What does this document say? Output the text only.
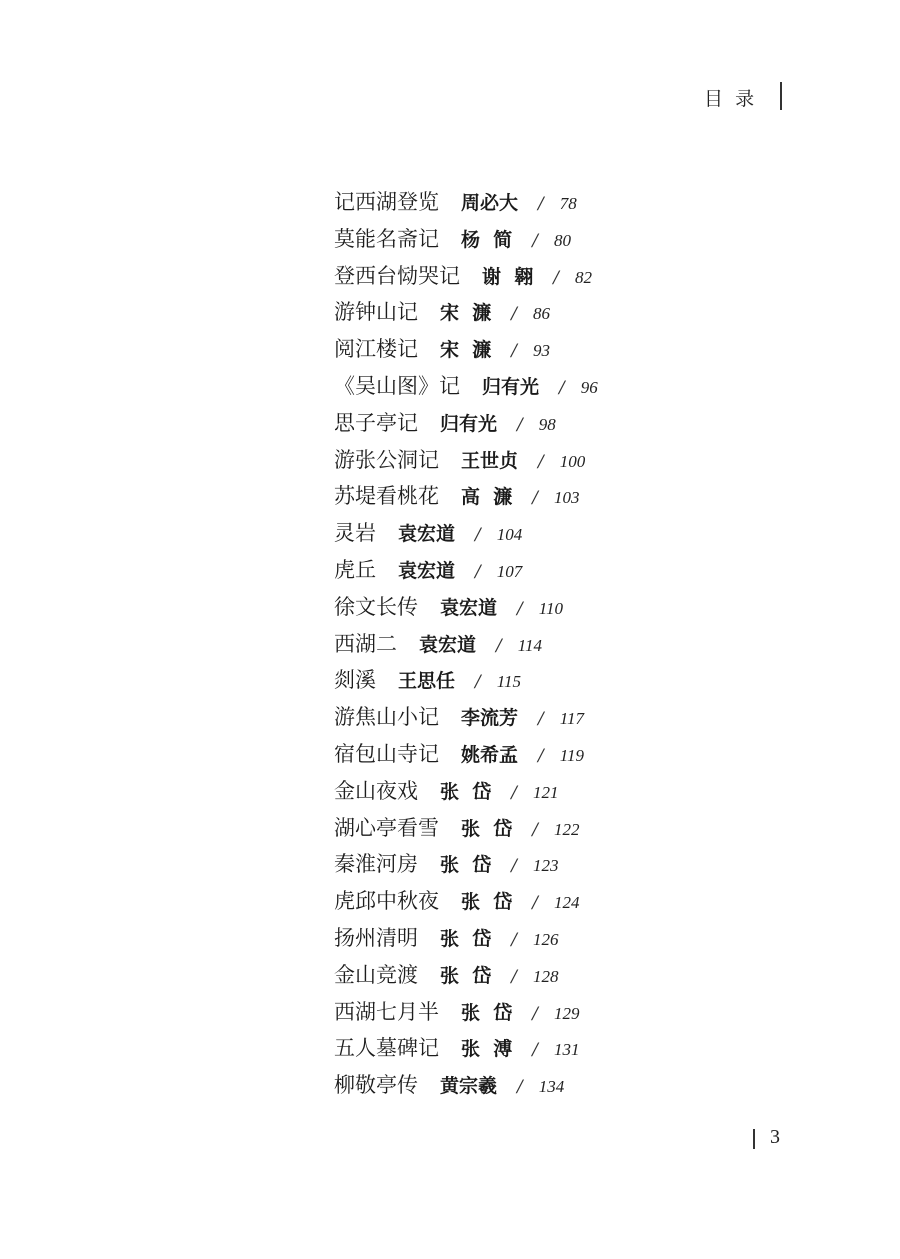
目  录
记西湖登览 周必大 / 78
莫能名斋记 杨  简 / 80
登西台恸哭记 谢  翱 / 82
游钟山记 宋  濂 / 86
阅江楼记 宋  濂 / 93
《吴山图》记 归有光 / 96
思子亭记 归有光 / 98
游张公洞记 王世贞 / 100
苏堤看桃花 高  濂 / 103
灵岩 袁宏道 / 104
虎丘 袁宏道 / 107
徐文长传 袁宏道 / 110
西湖二 袁宏道 / 114
剡溪 王思任 / 115
游焦山小记 李流芳 / 117
宿包山寺记 姚希孟 / 119
金山夜戏 张  岱 / 121
湖心亭看雪 张  岱 / 122
秦淮河房 张  岱 / 123
虎邱中秋夜 张  岱 / 124
扬州清明 张  岱 / 126
金山竞渡 张  岱 / 128
西湖七月半 张  岱 / 129
五人墓碑记 张  溥 / 131
柳敬亭传 黄宗羲 / 134
3
